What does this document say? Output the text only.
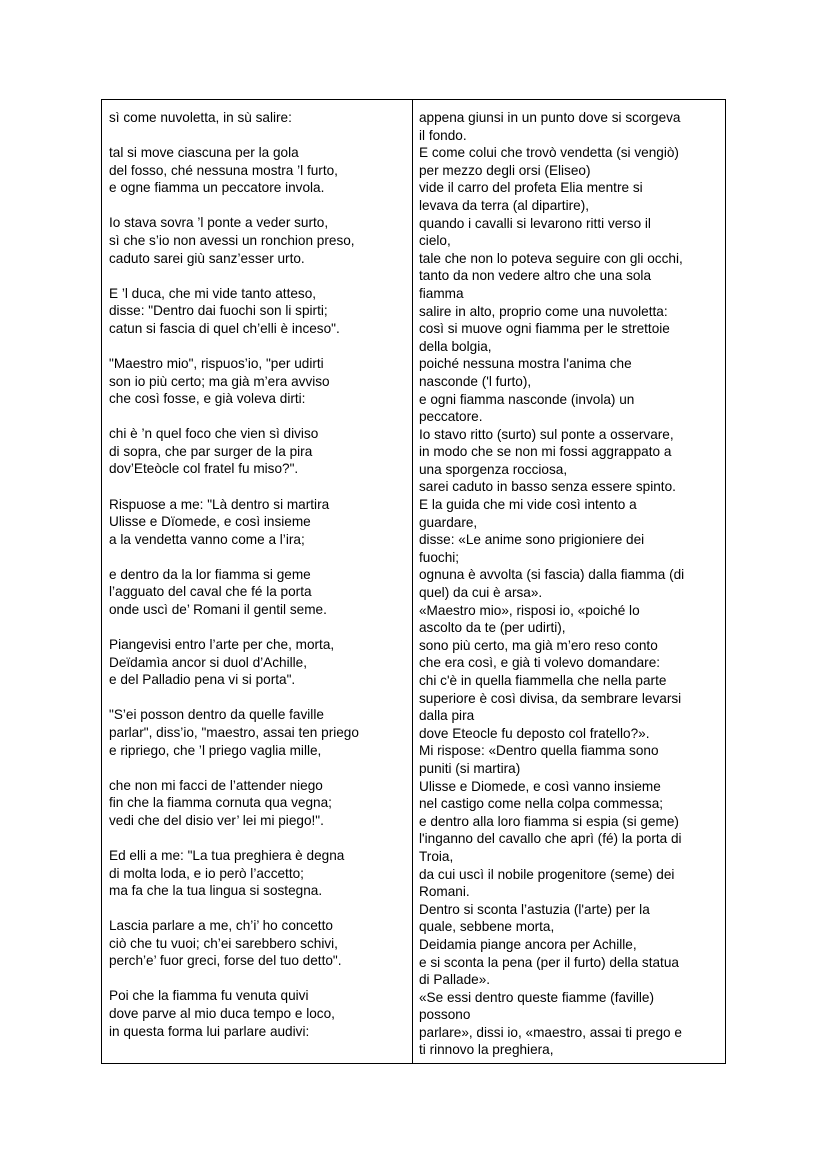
sì come nuvoletta, in sù salire:
tal si move ciascuna per la gola
del fosso, ché nessuna mostra ’l furto,
e ogne fiamma un peccatore invola.
Io stava sovra ’l ponte a veder surto,
sì che s’io non avessi un ronchion preso,
caduto sarei giù sanz’esser urto.
E ’l duca, che mi vide tanto atteso,
disse: "Dentro dai fuochi son li spirti;
catun si fascia di quel ch’elli è inceso".
"Maestro mio", rispuos’io, "per udirti
son io più certo; ma già m’era avviso
che così fosse, e già voleva dirti:
chi è ’n quel foco che vien sì diviso
di sopra, che par surger de la pira
dov’Eteòcle col fratel fu miso?".
Rispuose a me: "Là dentro si martira
Ulisse e Dïomede, e così insieme
a la vendetta vanno come a l’ira;
e dentro da la lor fiamma si geme
l’agguato del caval che fé la porta
onde uscì de’ Romani il gentil seme.
Piangevisi entro l’arte per che, morta,
Deïdamìa ancor si duol d’Achille,
e del Palladio pena vi si porta".
"S’ei posson dentro da quelle faville
parlar", diss’io, "maestro, assai ten priego
e ripriego, che ’l priego vaglia mille,
che non mi facci de l’attender niego
fin che la fiamma cornuta qua vegna;
vedi che del disio ver’ lei mi piego!".
Ed elli a me: "La tua preghiera è degna
di molta loda, e io però l’accetto;
ma fa che la tua lingua si sostegna.
Lascia parlare a me, ch’i’ ho concetto
ciò che tu vuoi; ch’ei sarebbero schivi,
perch’e’ fuor greci, forse del tuo detto".
Poi che la fiamma fu venuta quivi
dove parve al mio duca tempo e loco,
in questa forma lui parlare audivi:
appena giunsi in un punto dove si scorgeva
il fondo.
E come colui che trovò vendetta (si vengiò)
per mezzo degli orsi (Eliseo)
vide il carro del profeta Elia mentre si
levava da terra (al dipartire),
quando i cavalli si levarono ritti verso il
cielo,
tale che non lo poteva seguire con gli occhi,
tanto da non vedere altro che una sola
fiamma
salire in alto, proprio come una nuvoletta:
così si muove ogni fiamma per le strettoie
della bolgia,
poiché nessuna mostra l'anima che
nasconde ('l furto),
e ogni fiamma nasconde (invola) un
peccatore.
Io stavo ritto (surto) sul ponte a osservare,
in modo che se non mi fossi aggrappato a
una sporgenza rocciosa,
sarei caduto in basso senza essere spinto.
E la guida che mi vide così intento a
guardare,
disse: «Le anime sono prigioniere dei
fuochi;
ognuna è avvolta (si fascia) dalla fiamma (di
quel) da cui è arsa».
«Maestro mio», risposi io, «poiché lo
ascolto da te (per udirti),
sono più certo, ma già m’ero reso conto
che era così, e già ti volevo domandare:
chi c'è in quella fiammella che nella parte
superiore è così divisa, da sembrare levarsi
dalla pira
dove Eteocle fu deposto col fratello?».
Mi rispose: «Dentro quella fiamma sono
puniti (si martira)
Ulisse e Diomede, e così vanno insieme
nel castigo come nella colpa commessa;
e dentro alla loro fiamma si espia (si geme)
l'inganno del cavallo che aprì (fé) la porta di
Troia,
da cui uscì il nobile progenitore (seme) dei
Romani.
Dentro si sconta l’astuzia (l'arte) per la
quale, sebbene morta,
Deidamia piange ancora per Achille,
e si sconta la pena (per il furto) della statua
di Pallade».
«Se essi dentro queste fiamme (faville)
possono
parlare», dissi io, «maestro, assai ti prego e
ti rinnovo la preghiera,
